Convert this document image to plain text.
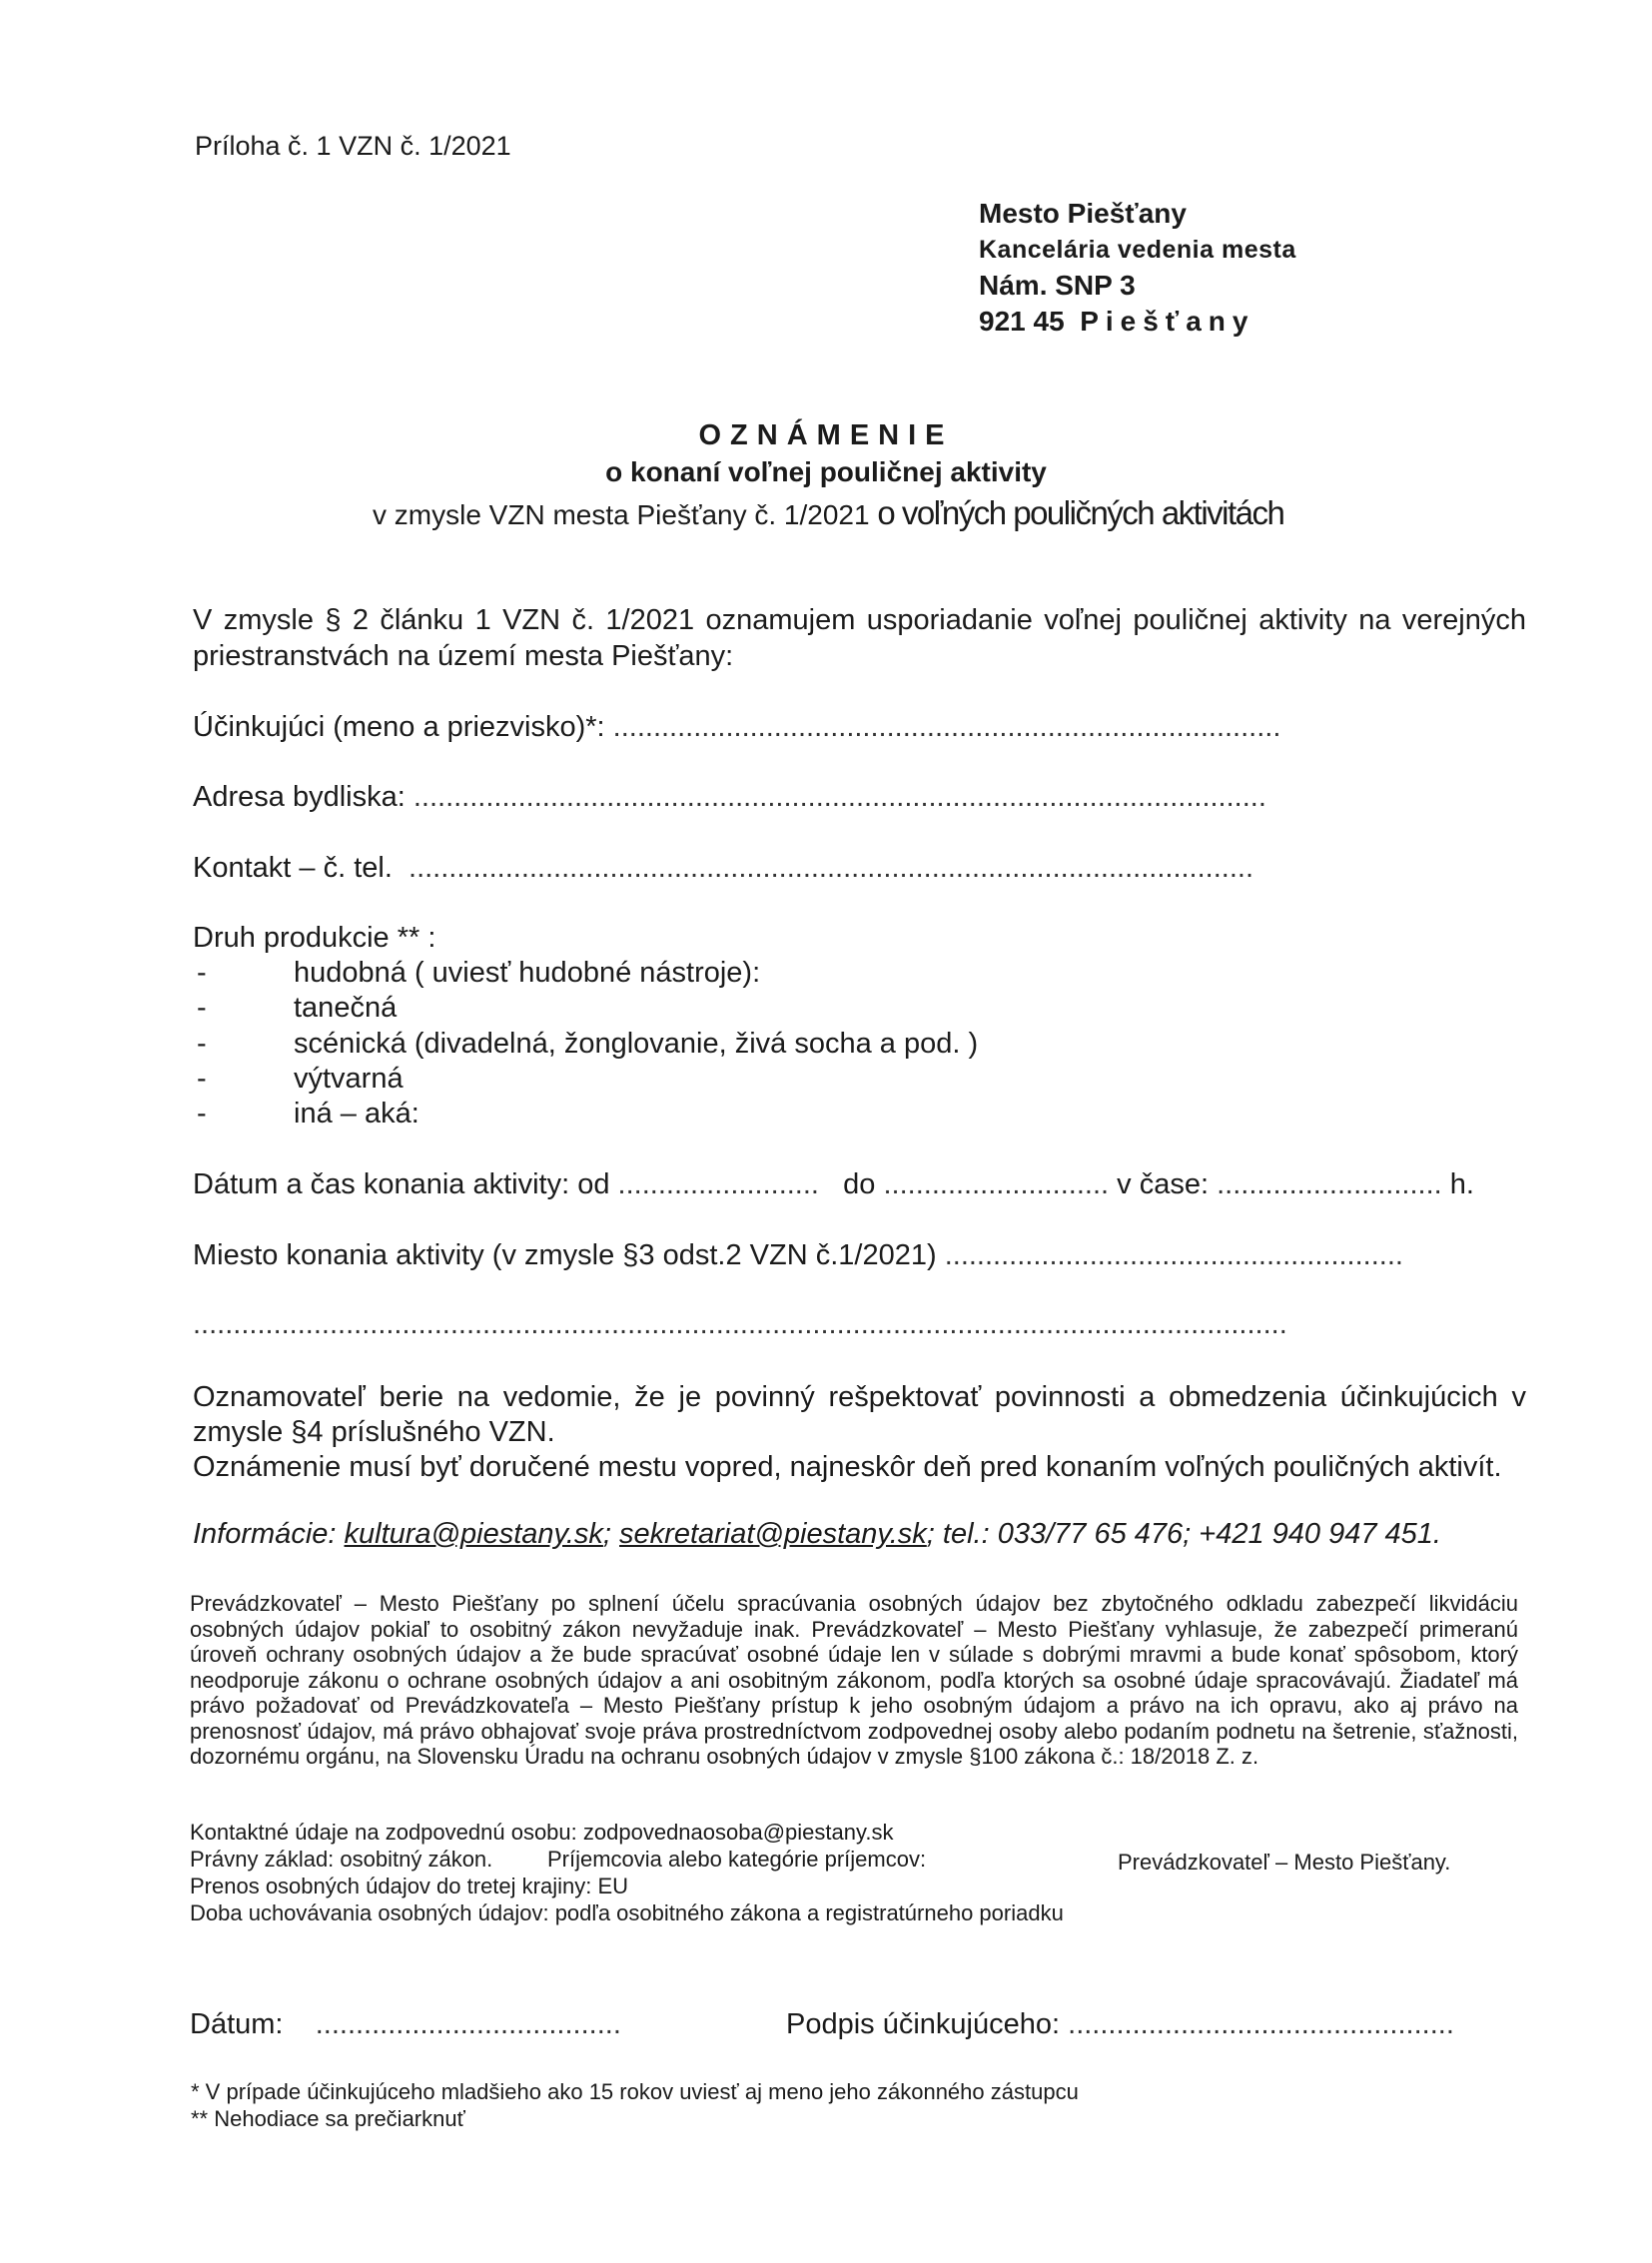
Príloha č. 1 VZN č. 1/2021
Mesto Piešťany
Kancelária vedenia mesta
Nám. SNP 3
921 45 Piešťany
OZNÁMENIE
o konaní voľnej pouličnej aktivity
v zmysle VZN mesta Piešťany č. 1/2021 o voľných pouličných aktivitách
V zmysle § 2 článku 1 VZN č. 1/2021 oznamujem usporiadanie voľnej pouličnej aktivity na verejných priestranstvách na území mesta Piešťany:
Účinkujúci (meno a priezvisko)*: ...................................................................................
Adresa bydliska: ..........................................................................................................
Kontakt – č. tel. .........................................................................................................
Druh produkcie ** :
-	hudobná ( uviesť hudobné nástroje):
-	tanečná
-	scénická (divadelná, žonglovanie, živá socha a pod. )
-	výtvarná
-	iná – aká:
Dátum a čas konania aktivity: od ......................... do ............................ v čase: ............................ h.
Miesto konania aktivity (v zmysle §3 odst.2 VZN č.1/2021) .........................................................
........................................................................................................................................
Oznamovateľ berie na vedomie, že je povinný rešpektovať povinnosti a obmedzenia účinkujúcich v zmysle §4 príslušného VZN.
Oznámenie musí byť doručené mestu vopred, najneskôr deň pred konaním voľných pouličných aktivít.
Informácie: kultura@piestany.sk; sekretariat@piestany.sk; tel.: 033/77 65 476; +421 940 947 451.
Prevádzkovateľ – Mesto Piešťany po splnení účelu spracúvania osobných údajov bez zbytočného odkladu zabezpečí likvidáciu osobných údajov pokiaľ to osobitný zákon nevyžaduje inak. Prevádzkovateľ – Mesto Piešťany vyhlasuje, že zabezpečí primeranú úroveň ochrany osobných údajov a že bude spracúvať osobné údaje len v súlade s dobrými mravmi a bude konať spôsobom, ktorý neodporuje zákonu o ochrane osobných údajov a ani osobitným zákonom, podľa ktorých sa osobné údaje spracovávajú. Žiadateľ má právo požadovať od Prevádzkovateľa – Mesto Piešťany prístup k jeho osobným údajom a právo na ich opravu, ako aj právo na prenosnosť údajov, má právo obhajovať svoje práva prostredníctvom zodpovednej osoby alebo podaním podnetu na šetrenie, sťažnosti, dozornému orgánu, na Slovensku Úradu na ochranu osobných údajov v zmysle §100 zákona č.: 18/2018 Z. z.
Kontaktné údaje na zodpovednú osobu: zodpovednaosoba@piestany.sk
Právny základ: osobitný zákon. Príjemcovia alebo kategórie príjemcov:	Prevádzkovateľ – Mesto Piešťany.
Prenos osobných údajov do tretej krajiny: EU
Doba uchovávania osobných údajov: podľa osobitného zákona a registratúrneho poriadku
Dátum: ......................................	Podpis účinkujúceho: ................................................
* V prípade účinkujúceho mladšieho ako 15 rokov uviesť aj meno jeho zákonného zástupcu
** Nehodiace sa prečiarknuť
